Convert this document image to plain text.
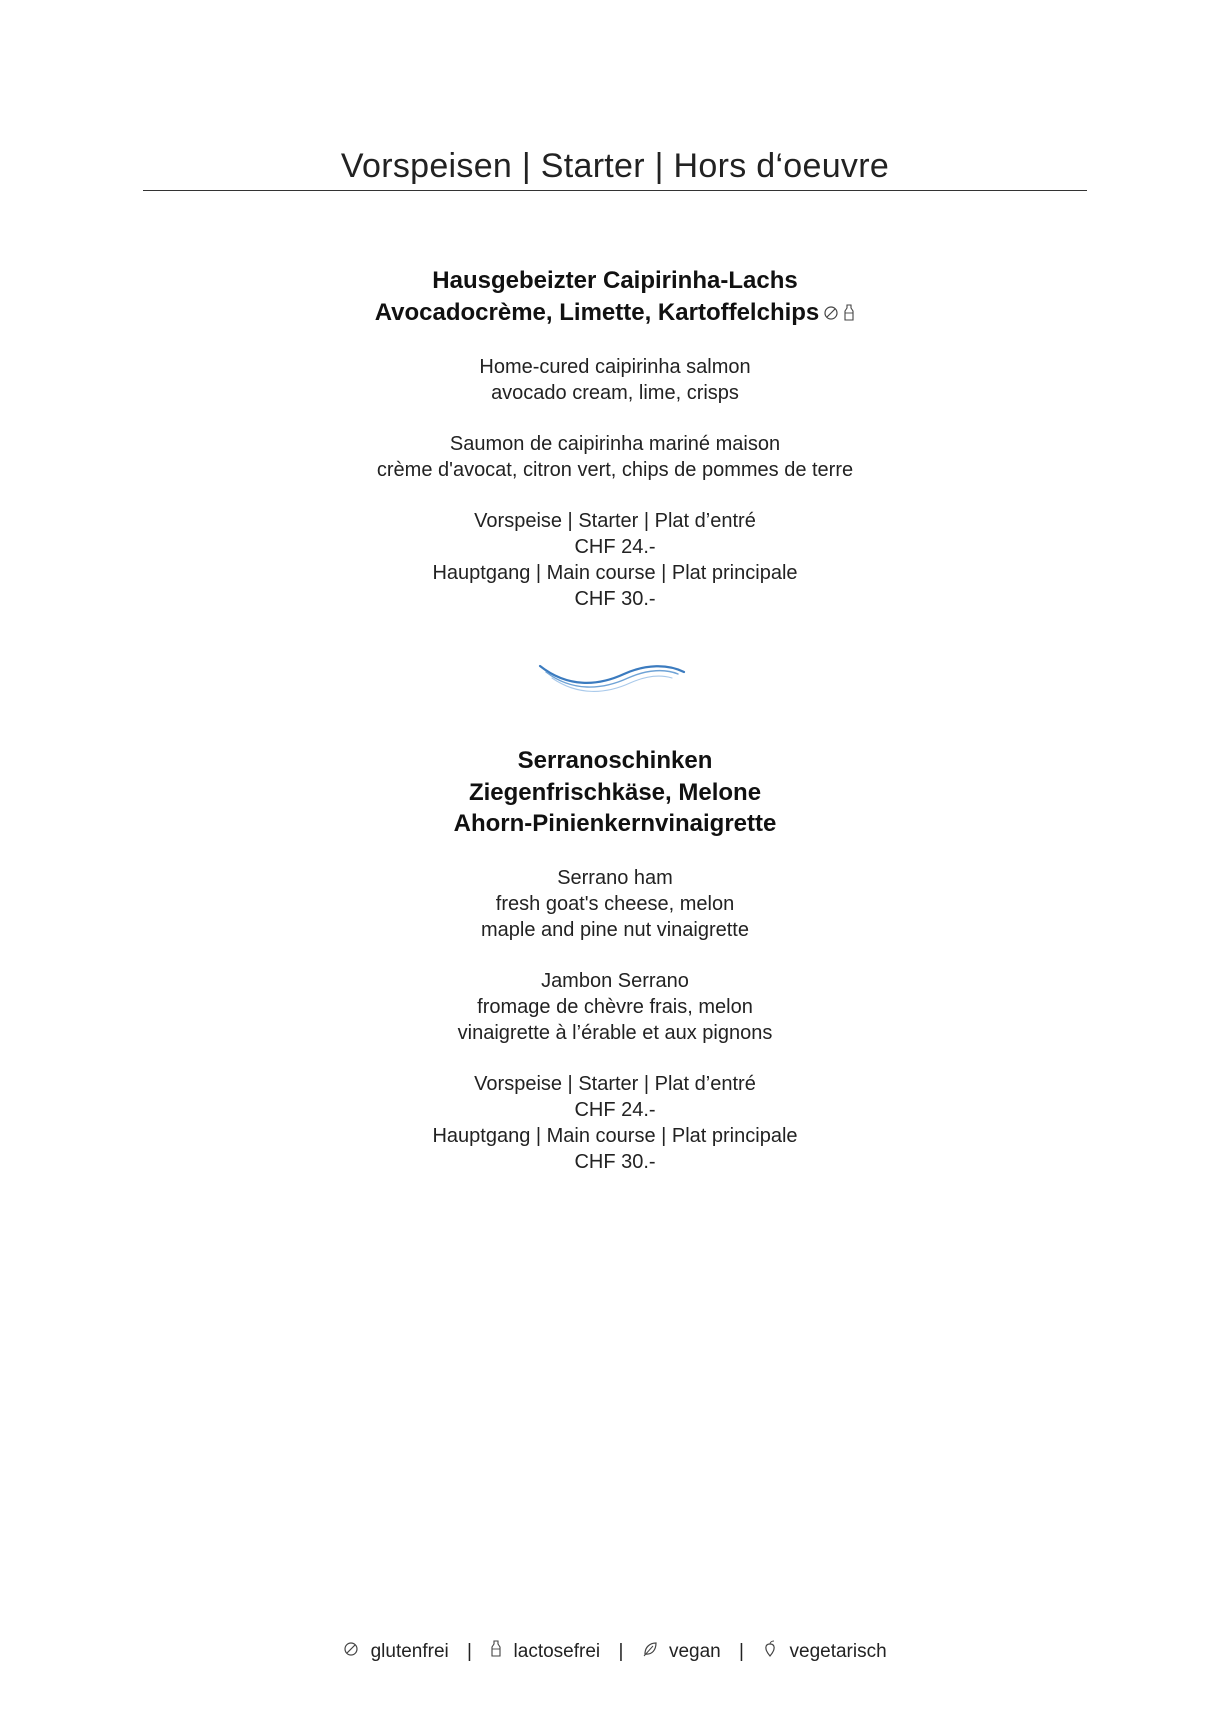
Vorspeisen | Starter | Hors d‘oeuvre
Hausgebeizter Caipirinha-Lachs
Avocadocrème, Limette, Kartoffelchips
Home-cured caipirinha salmon
avocado cream, lime, crisps
Saumon de caipirinha mariné maison
crème d'avocat, citron vert, chips de pommes de terre
Vorspeise | Starter | Plat d’entré
CHF 24.-
Hauptgang | Main course | Plat principale
CHF 30.-
Serranoschinken
Ziegenfrischkäse, Melone
Ahorn-Pinienkernvinaigrette
Serrano ham
fresh goat's cheese, melon
maple and pine nut vinaigrette
Jambon Serrano
fromage de chèvre frais, melon
vinaigrette à l’érable et aux pignons
Vorspeise | Starter | Plat d’entré
CHF 24.-
Hauptgang | Main course | Plat principale
CHF 30.-
glutenfrei | lactosefrei | vegan | vegetarisch
